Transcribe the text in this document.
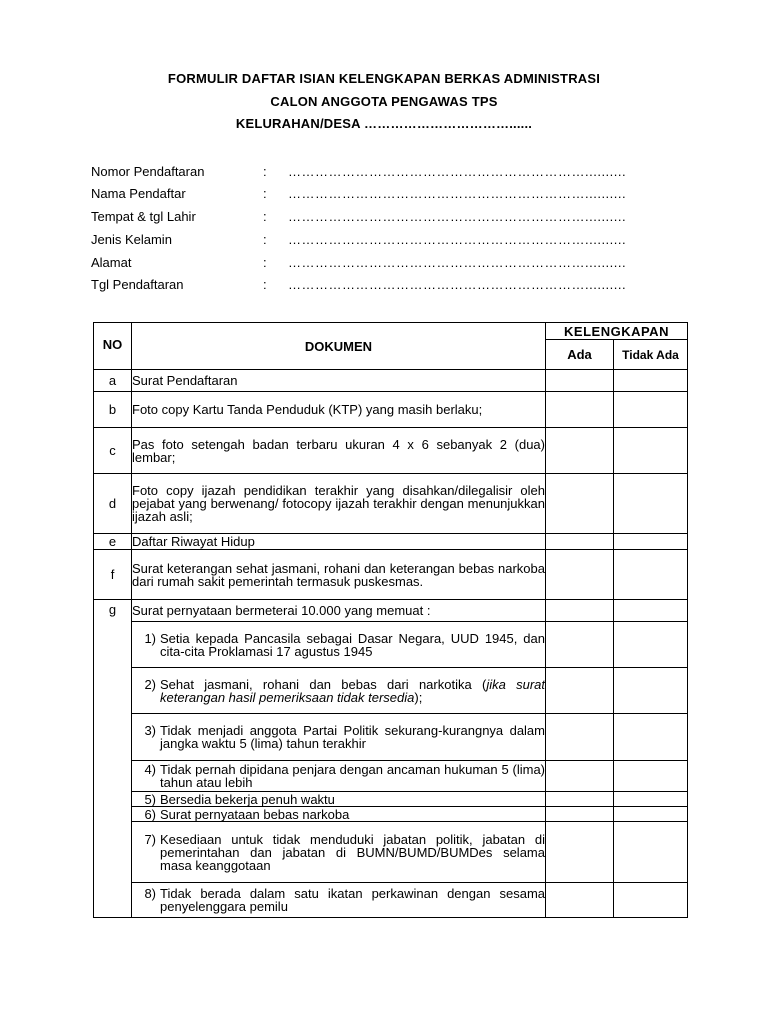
FORMULIR DAFTAR ISIAN KELENGKAPAN BERKAS ADMINISTRASI
CALON ANGGOTA PENGAWAS TPS
KELURAHAN/DESA ……………………………......
Nomor Pendaftaran	: …………………………………………………………..........
Nama Pendaftar	: …………………………………………………………..........
Tempat & tgl Lahir	: …………………………………………………………..........
Jenis Kelamin	: …………………………………………………………..........
Alamat	: …………………………………………………………..........
Tgl Pendaftaran	: …………………………………………………………..........
NO	DOKUMEN	KELENGKAPAN	
		Ada	Tidak Ada
a	Surat Pendaftaran		
b	Foto copy Kartu Tanda Penduduk (KTP) yang masih berlaku;		
c	Pas foto setengah badan terbaru ukuran 4 x 6 sebanyak 2 (dua) lembar;		
d	Foto copy ijazah pendidikan terakhir yang disahkan/dilegalisir oleh pejabat yang berwenang/ fotocopy ijazah terakhir dengan menunjukkan ijazah asli;		
e	Daftar Riwayat Hidup		
f	Surat keterangan sehat jasmani, rohani dan keterangan bebas narkoba dari rumah sakit pemerintah termasuk puskesmas.		
g	Surat pernyataan bermeterai 10.000 yang memuat :		

	1) Setia kepada Pancasila sebagai Dasar Negara, UUD 1945, dan cita-cita Proklamasi 17 agustus 1945		

	2) Sehat jasmani, rohani dan bebas dari narkotika (jika surat keterangan hasil pemeriksaan tidak tersedia);		

	3) Tidak menjadi anggota Partai Politik sekurang-kurangnya dalam jangka waktu 5 (lima) tahun terakhir		

	4) Tidak pernah dipidana penjara dengan ancaman hukuman 5 (lima) tahun atau lebih		

	5) Bersedia bekerja penuh waktu		

	6) Surat pernyataan bebas narkoba		

	7) Kesediaan untuk tidak menduduki jabatan politik, jabatan di pemerintahan dan jabatan di BUMN/BUMD/BUMDes selama masa keanggotaan		

	8) Tidak berada dalam satu ikatan perkawinan dengan sesama penyelenggara pemilu		
